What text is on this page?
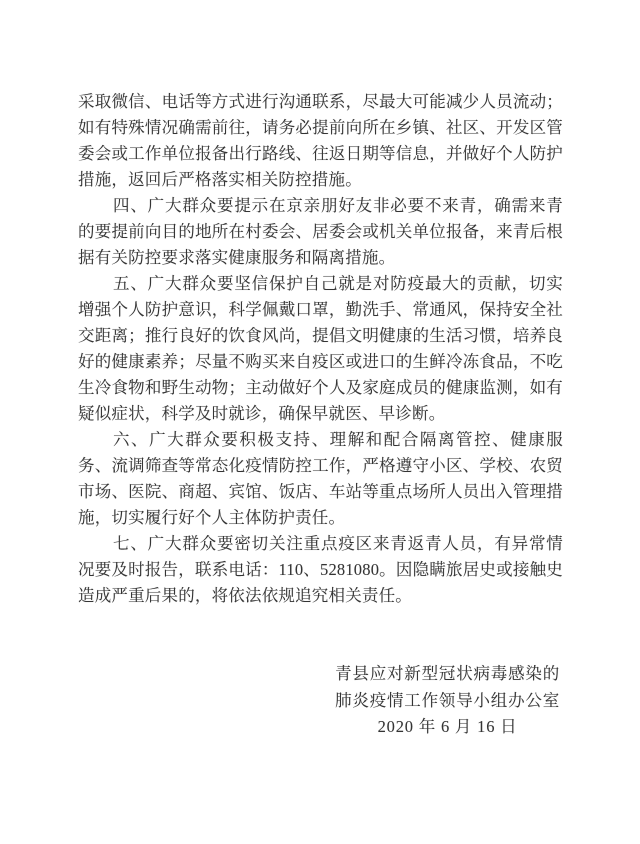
采取微信、电话等方式进行沟通联系，尽最大可能减少人员流动；如有特殊情况确需前往，请务必提前向所在乡镇、社区、开发区管委会或工作单位报备出行路线、往返日期等信息，并做好个人防护措施，返回后严格落实相关防控措施。

四、广大群众要提示在京亲朋好友非必要不来青，确需来青的要提前向目的地所在村委会、居委会或机关单位报备，来青后根据有关防控要求落实健康服务和隔离措施。

五、广大群众要坚信保护自己就是对防疫最大的贡献，切实增强个人防护意识，科学佩戴口罩，勤洗手、常通风，保持安全社交距离；推行良好的饮食风尚，提倡文明健康的生活习惯，培养良好的健康素养；尽量不购买来自疫区或进口的生鲜冷冻食品，不吃生冷食物和野生动物；主动做好个人及家庭成员的健康监测，如有疑似症状，科学及时就诊，确保早就医、早诊断。

六、广大群众要积极支持、理解和配合隔离管控、健康服务、流调筛查等常态化疫情防控工作，严格遵守小区、学校、农贸市场、医院、商超、宾馆、饭店、车站等重点场所人员出入管理措施，切实履行好个人主体防护责任。

七、广大群众要密切关注重点疫区来青返青人员，有异常情况要及时报告，联系电话：110、5281080。因隐瞒旅居史或接触史造成严重后果的，将依法依规追究相关责任。

青县应对新型冠状病毒感染的
肺炎疫情工作领导小组办公室
2020 年 6 月 16 日
